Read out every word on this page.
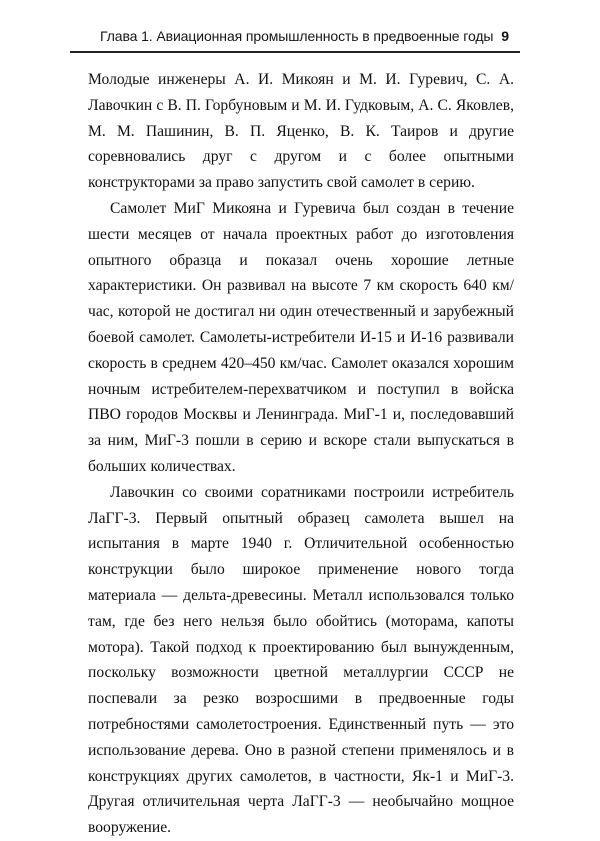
Глава 1. Авиационная промышленность в предвоенные годы 9

Молодые инженеры А. И. Микоян и М. И. Гуревич, С. А. Лавочкин с В. П. Горбуновым и М. И. Гудковым, А. С. Яковлев, М. М. Пашинин, В. П. Яценко, В. К. Таиров и другие соревновались друг с другом и с более опытными конструкторами за право запустить свой самолет в серию.

Самолет МиГ Микояна и Гуревича был создан в течение шести месяцев от начала проектных работ до изготовления опытного образца и показал очень хорошие летные характеристики. Он развивал на высоте 7 км скорость 640 км/час, которой не достигал ни один отечественный и зарубежный боевой самолет. Самолеты-истребители И-15 и И-16 развивали скорость в среднем 420–450 км/час. Самолет оказался хорошим ночным истребителем-перехватчиком и поступил в войска ПВО городов Москвы и Ленинграда. МиГ-1 и, последовавший за ним, МиГ-3 пошли в серию и вскоре стали выпускаться в больших количествах.

Лавочкин со своими соратниками построили истребитель ЛаГГ-3. Первый опытный образец самолета вышел на испытания в марте 1940 г. Отличительной особенностью конструкции было широкое применение нового тогда материала — дельта-древесины. Металл использовался только там, где без него нельзя было обойтись (моторама, капоты мотора). Такой подход к проектированию был вынужденным, поскольку возможности цветной металлургии СССР не поспевали за резко возросшими в предвоенные годы потребностями самолетостроения. Единственный путь — это использование дерева. Оно в разной степени применялось и в конструкциях других самолетов, в частности, Як-1 и МиГ-3. Другая отличительная черта ЛаГГ-3 — необычайно мощное вооружение.
